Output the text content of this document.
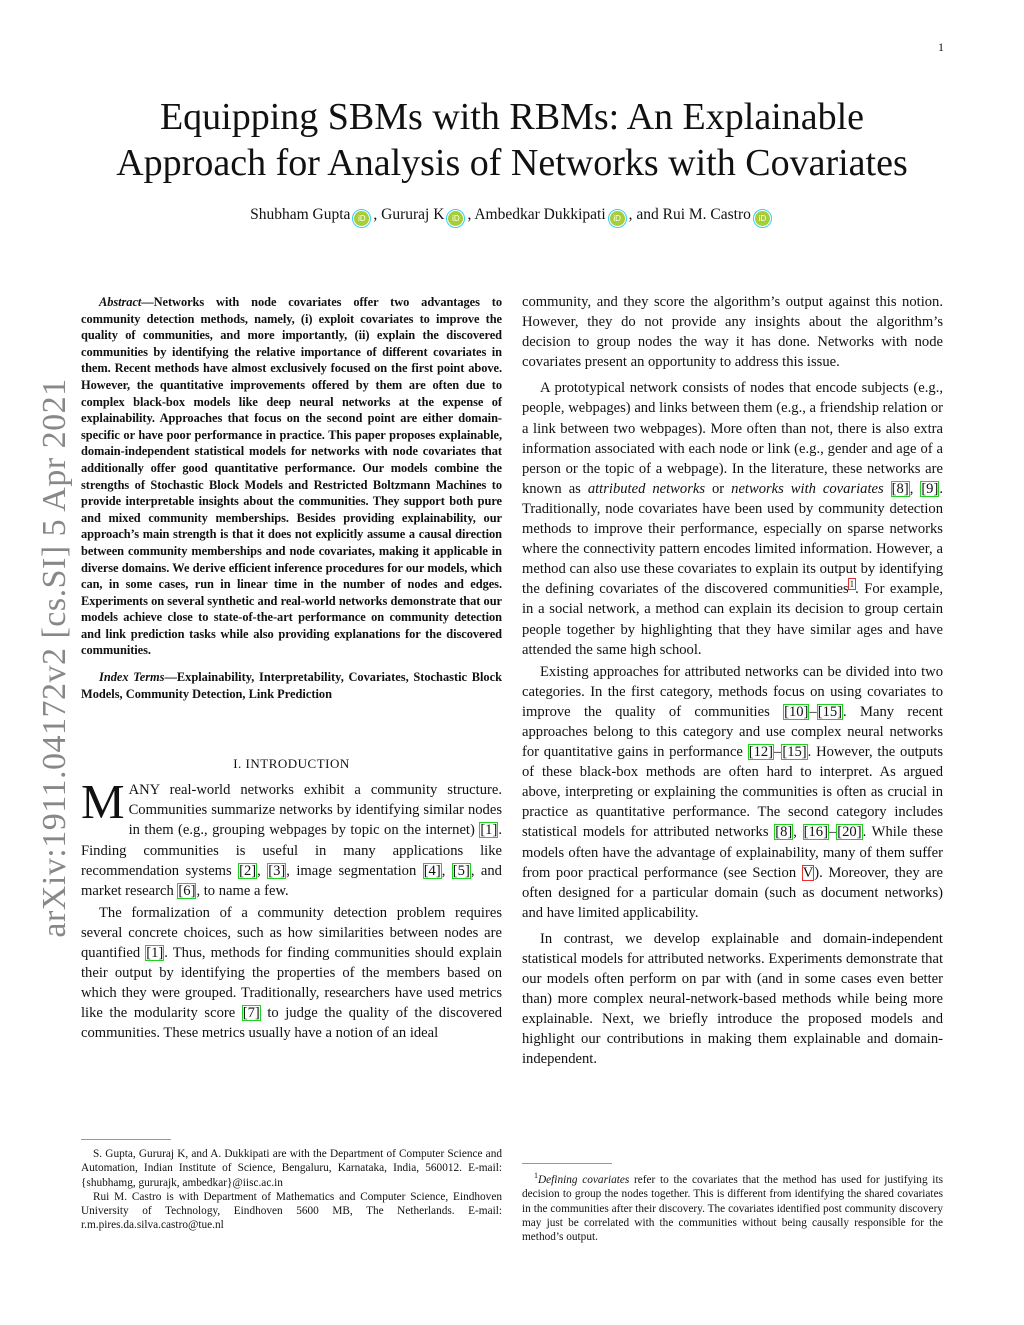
1
arXiv:1911.04172v2 [cs.SI] 5 Apr 2021
Equipping SBMs with RBMs: An Explainable
Approach for Analysis of Networks with Covariates
Shubham Gupta iD , Gururaj K iD , Ambedkar Dukkipati iD , and Rui M. Castro iD

Abstract—Networks with node covariates offer two advantages to community detection methods, namely, (i) exploit covariates to improve the quality of communities, and more importantly, (ii) explain the discovered communities by identifying the relative importance of different covariates in them. Recent methods have almost exclusively focused on the first point above. However, the quantitative improvements offered by them are often due to complex black-box models like deep neural networks at the expense of explainability. Approaches that focus on the second point are either domain-specific or have poor performance in practice. This paper proposes explainable, domain-independent statistical models for networks with node covariates that additionally offer good quantitative performance. Our models combine the strengths of Stochastic Block Models and Restricted Boltzmann Machines to provide interpretable insights about the communities. They support both pure and mixed community memberships. Besides providing explainability, our approach’s main strength is that it does not explicitly assume a causal direction between community memberships and node covariates, making it applicable in diverse domains. We derive efficient inference procedures for our models, which can, in some cases, run in linear time in the number of nodes and edges. Experiments on several synthetic and real-world networks demonstrate that our models achieve close to state-of-the-art performance on community detection and link prediction tasks while also providing explanations for the discovered communities.

Index Terms—Explainability, Interpretability, Covariates, Stochastic Block Models, Community Detection, Link Prediction

I. INTRODUCTION

MANY real-world networks exhibit a community structure. Communities summarize networks by identifying similar nodes in them (e.g., grouping webpages by topic on the internet) [1]. Finding communities is useful in many applications like recommendation systems [2], [3], image segmentation [4], [5], and market research [6], to name a few.

The formalization of a community detection problem requires several concrete choices, such as how similarities between nodes are quantified [1]. Thus, methods for finding communities should explain their output by identifying the properties of the members based on which they were grouped. Traditionally, researchers have used metrics like the modularity score [7] to judge the quality of the discovered communities. These metrics usually have a notion of an ideal

S. Gupta, Gururaj K, and A. Dukkipati are with the Department of Computer Science and Automation, Indian Institute of Science, Bengaluru, Karnataka, India, 560012. E-mail: {shubhamg, gururajk, ambedkar}@iisc.ac.in

Rui M. Castro is with Department of Mathematics and Computer Science, Eindhoven University of Technology, Eindhoven 5600 MB, The Netherlands. E-mail: r.m.pires.da.silva.castro@tue.nl

community, and they score the algorithm’s output against this notion. However, they do not provide any insights about the algorithm’s decision to group nodes the way it has done. Networks with node covariates present an opportunity to address this issue.

A prototypical network consists of nodes that encode subjects (e.g., people, webpages) and links between them (e.g., a friendship relation or a link between two webpages). More often than not, there is also extra information associated with each node or link (e.g., gender and age of a person or the topic of a webpage). In the literature, these networks are known as attributed networks or networks with covariates [8], [9]. Traditionally, node covariates have been used by community detection methods to improve their performance, especially on sparse networks where the connectivity pattern encodes limited information. However, a method can also use these covariates to explain its output by identifying the defining covariates of the discovered communities$^1$. For example, in a social network, a method can explain its decision to group certain people together by highlighting that they have similar ages and have attended the same high school.

Existing approaches for attributed networks can be divided into two categories. In the first category, methods focus on using covariates to improve the quality of communities [10]–[15]. Many recent approaches belong to this category and use complex neural networks for quantitative gains in performance [12]–[15]. However, the outputs of these black-box methods are often hard to interpret. As argued above, interpreting or explaining the communities is often as crucial in practice as quantitative performance. The second category includes statistical models for attributed networks [8], [16]–[20]. While these models often have the advantage of explainability, many of them suffer from poor practical performance (see Section V). Moreover, they are often designed for a particular domain (such as document networks) and have limited applicability.

In contrast, we develop explainable and domain-independent statistical models for attributed networks. Experiments demonstrate that our models often perform on par with (and in some cases even better than) more complex neural-network-based methods while being more explainable. Next, we briefly introduce the proposed models and highlight our contributions in making them explainable and domain-independent.

$^1$Defining covariates refer to the covariates that the method has used for justifying its decision to group the nodes together. This is different from identifying the shared covariates in the communities after their discovery. The covariates identified post community discovery may just be correlated with the communities without being causally responsible for the method’s output.
